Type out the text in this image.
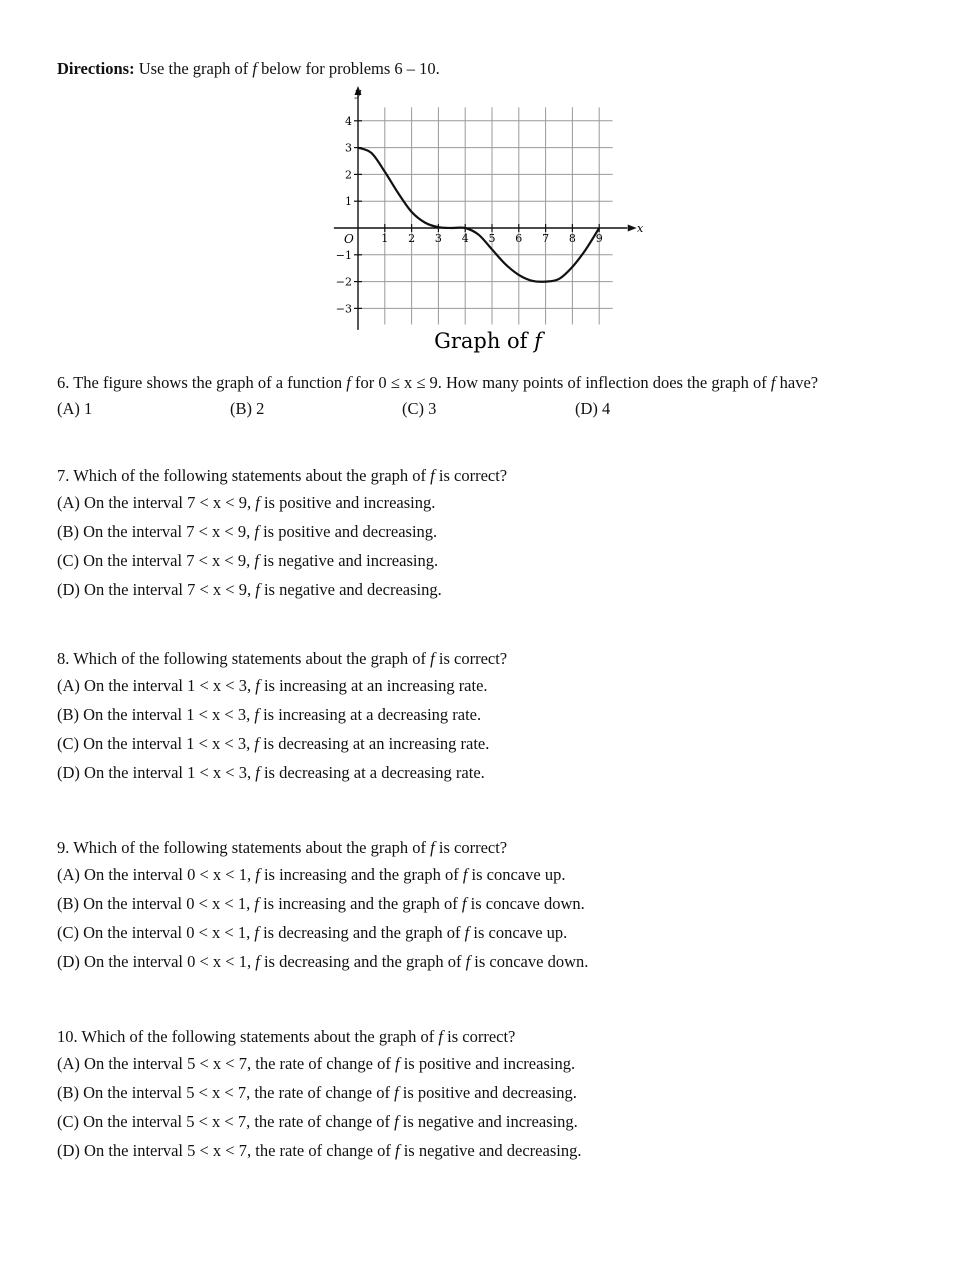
Directions: Use the graph of f below for problems 6 – 10.
1 2 3 4 5 6 7 8 9
4
3
2
1
−1
−2
−3
x
y
O
Graph of f
6. The figure shows the graph of a function f for 0 ≤ x ≤ 9. How many points of inflection does the graph of f have?
(A) 1	(B) 2	(C) 3	(D) 4
7. Which of the following statements about the graph of f is correct?
(A) On the interval 7 < x < 9, f is positive and increasing.
(B) On the interval 7 < x < 9, f is positive and decreasing.
(C) On the interval 7 < x < 9, f is negative and increasing.
(D) On the interval 7 < x < 9, f is negative and decreasing.
8. Which of the following statements about the graph of f is correct?
(A) On the interval 1 < x < 3, f is increasing at an increasing rate.
(B) On the interval 1 < x < 3, f is increasing at a decreasing rate.
(C) On the interval 1 < x < 3, f is decreasing at an increasing rate.
(D) On the interval 1 < x < 3, f is decreasing at a decreasing rate.
9. Which of the following statements about the graph of f is correct?
(A) On the interval 0 < x < 1, f is increasing and the graph of f is concave up.
(B) On the interval 0 < x < 1, f is increasing and the graph of f is concave down.
(C) On the interval 0 < x < 1, f is decreasing and the graph of f is concave up.
(D) On the interval 0 < x < 1, f is decreasing and the graph of f is concave down.
10. Which of the following statements about the graph of f is correct?
(A) On the interval 5 < x < 7, the rate of change of f is positive and increasing.
(B) On the interval 5 < x < 7, the rate of change of f is positive and decreasing.
(C) On the interval 5 < x < 7, the rate of change of f is negative and increasing.
(D) On the interval 5 < x < 7, the rate of change of f is negative and decreasing.
